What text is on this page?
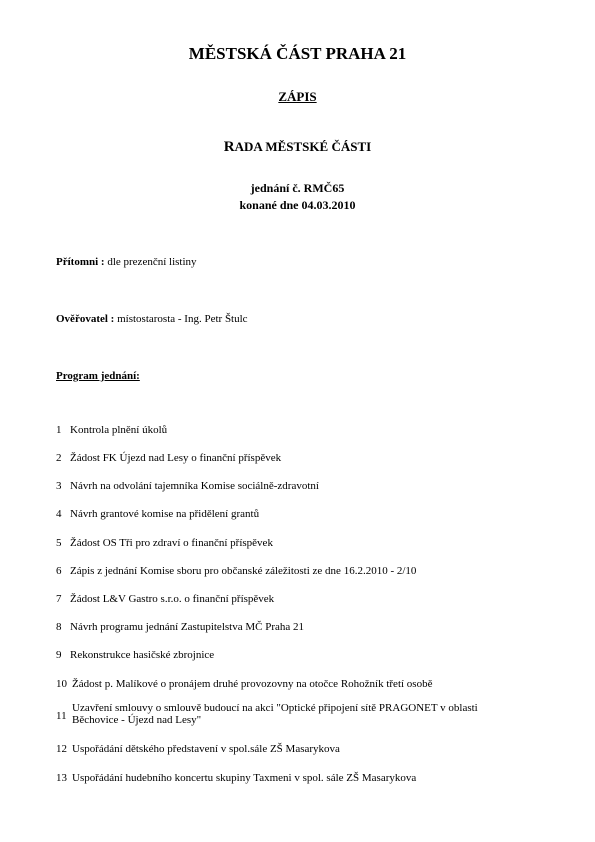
MĚSTSKÁ ČÁST PRAHA 21
ZÁPIS
RADA MĚSTSKÉ ČÁSTI
jednání č. RMČ65
konané dne 04.03.2010
Přítomni : dle prezenční listiny
Ověřovatel : místostarosta - Ing. Petr Štulc
Program jednání:
1 Kontrola plnění úkolů
2 Žádost FK Újezd nad Lesy o finanční příspěvek
3 Návrh na odvolání tajemníka Komise sociálně-zdravotní
4 Návrh grantové komise na přidělení grantů
5 Žádost OS Tři pro zdraví o finanční příspěvek
6 Zápis z jednání Komise sboru pro občanské záležitosti ze dne 16.2.2010 - 2/10
7 Žádost L&V Gastro s.r.o. o finanční příspěvek
8 Návrh programu jednání Zastupitelstva MČ Praha 21
9 Rekonstrukce hasičské zbrojnice
10 Žádost p. Malíkové o pronájem druhé provozovny na otočce Rohožník třetí osobě
11
Uzavření smlouvy o smlouvě budoucí na akci "Optické připojení sítě PRAGONET v oblasti
Běchovice - Újezd nad Lesy"
12 Uspořádání dětského představení v spol.sále ZŠ Masarykova
13 Uspořádání hudebního koncertu skupiny Taxmeni v spol. sále ZŠ Masarykova
